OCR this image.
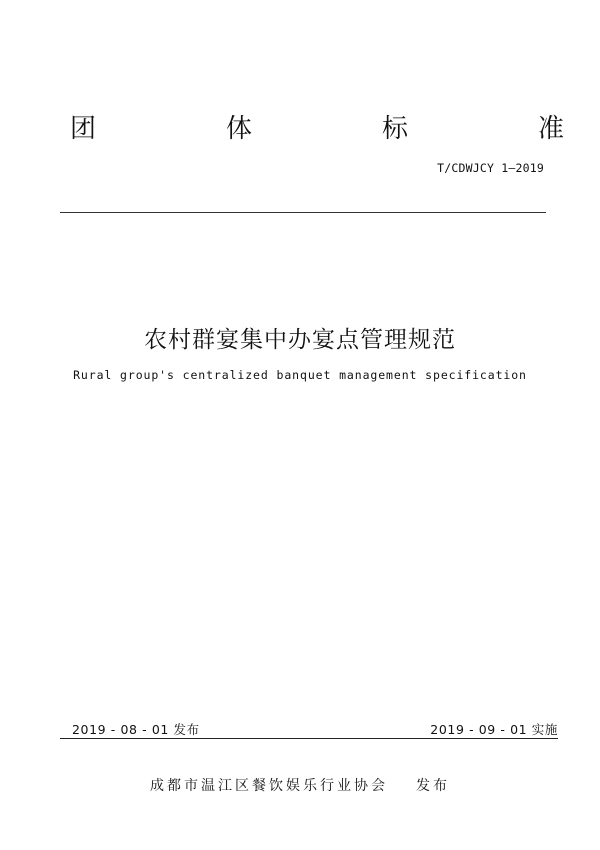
团	体	标	准
T/CDWJCY 1—2019
农村群宴集中办宴点管理规范
Rural group's centralized banquet management specification
2019 - 08 - 01 发布	2019 - 09 - 01 实施
成都市温江区餐饮娱乐行业协会 发布
